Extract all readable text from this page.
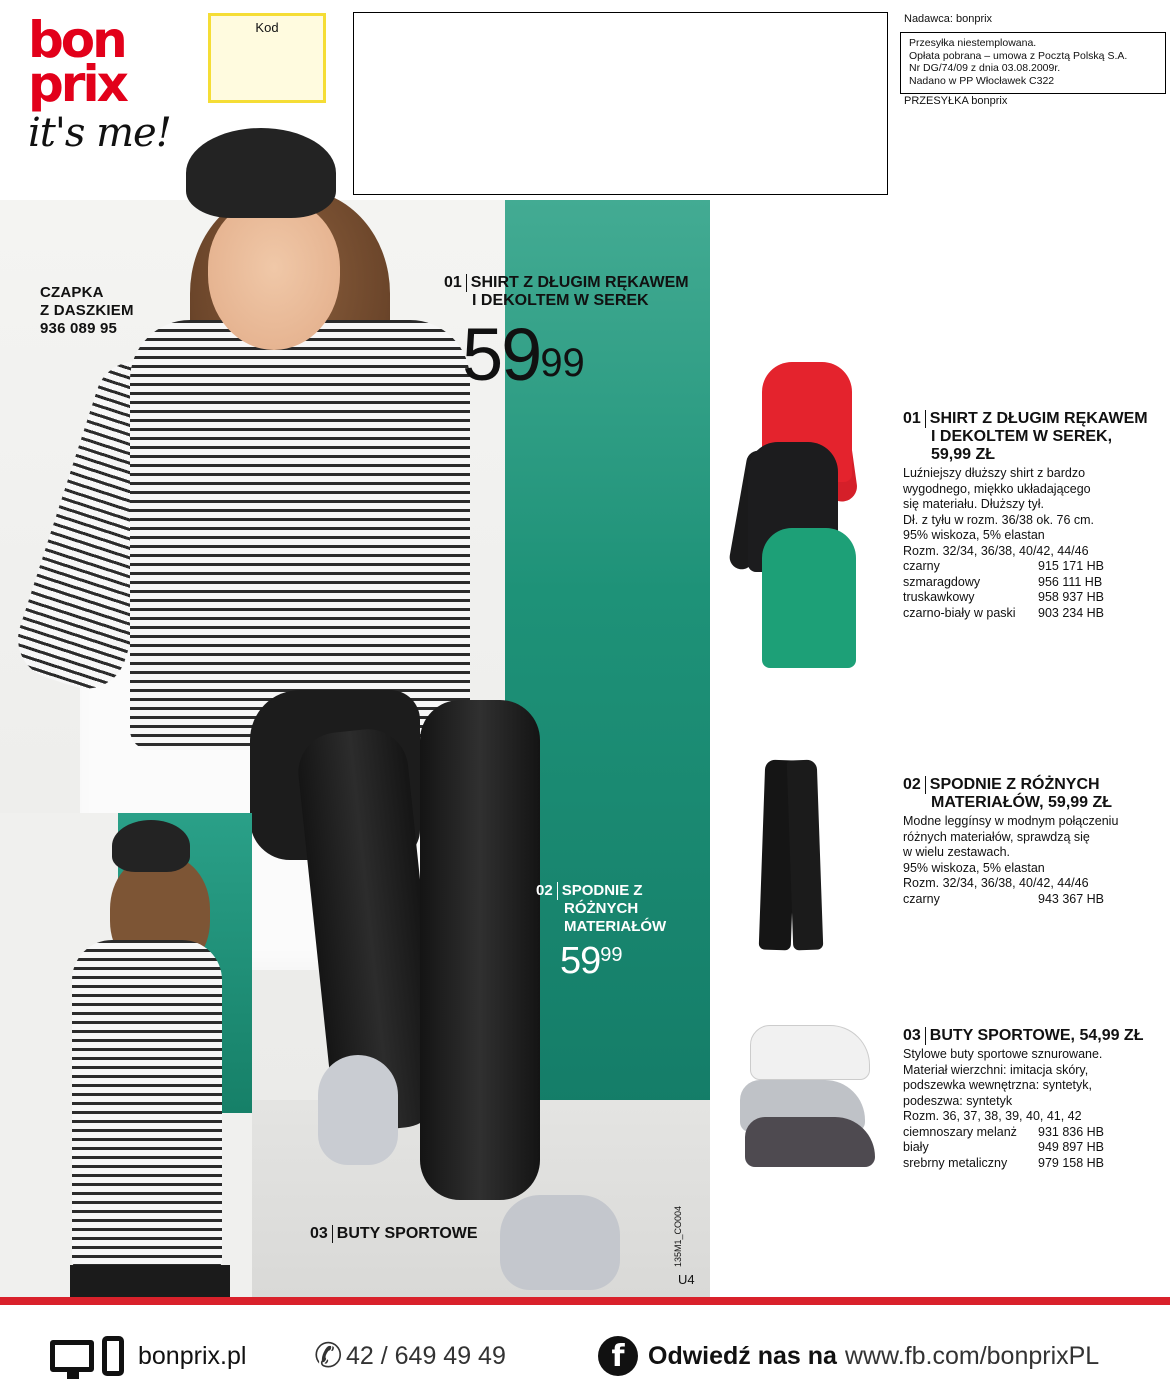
bon
prix
it's me!
Kod
Nadawca: bonprix
Przesyłka niestemplowana.
Opłata pobrana – umowa z Pocztą Polską S.A.
Nr DG/74/09 z dnia 03.08.2009r.
Nadano w PP Włocławek C322
PRZESYŁKA bonprix
CZAPKA
Z DASZKIEM
936 089 95
01 SHIRT Z DŁUGIM RĘKAWEM
I DEKOLTEM W SEREK
$59^{99}$
02 SPODNIE Z
RÓŻNYCH
MATERIAŁÓW
$59^{99}$
03 BUTY SPORTOWE	135M1_CO004
U4
01 SHIRT Z DŁUGIM RĘKAWEM
I DEKOLTEM W SEREK,
59,99 ZŁ
Luźniejszy dłuższy shirt z bardzo
wygodnego, miękko układającego
się materiału. Dłuższy tył.
Dł. z tyłu w rozm. 36/38 ok. 76 cm.
95% wiskoza, 5% elastan
Rozm. 32/34, 36/38, 40/42, 44/46
czarny	915 171 HB
szmaragdowy	956 111 HB
truskawkowy	958 937 HB
czarno-biały w paski	903 234 HB
02 SPODNIE Z RÓŻNYCH
MATERIAŁÓW, 59,99 ZŁ
Modne leggínsy w modnym połączeniu
różnych materiałów, sprawdzą się
w wielu zestawach.
95% wiskoza, 5% elastan
Rozm. 32/34, 36/38, 40/42, 44/46
czarny	943 367 HB
03 BUTY SPORTOWE, 54,99 ZŁ
Stylowe buty sportowe sznurowane.
Materiał wierzchni: imitacja skóry,
podszewka wewnętrzna: syntetyk,
podeszwa: syntetyk
Rozm. 36, 37, 38, 39, 40, 41, 42
ciemnoszary melanż	931 836 HB
biały	949 897 HB
srebrny metaliczny	979 158 HB
bonprix.pl ✆ 42 / 649 49 49	f Odwiedź nas na www.fb.com/bonprixPL
